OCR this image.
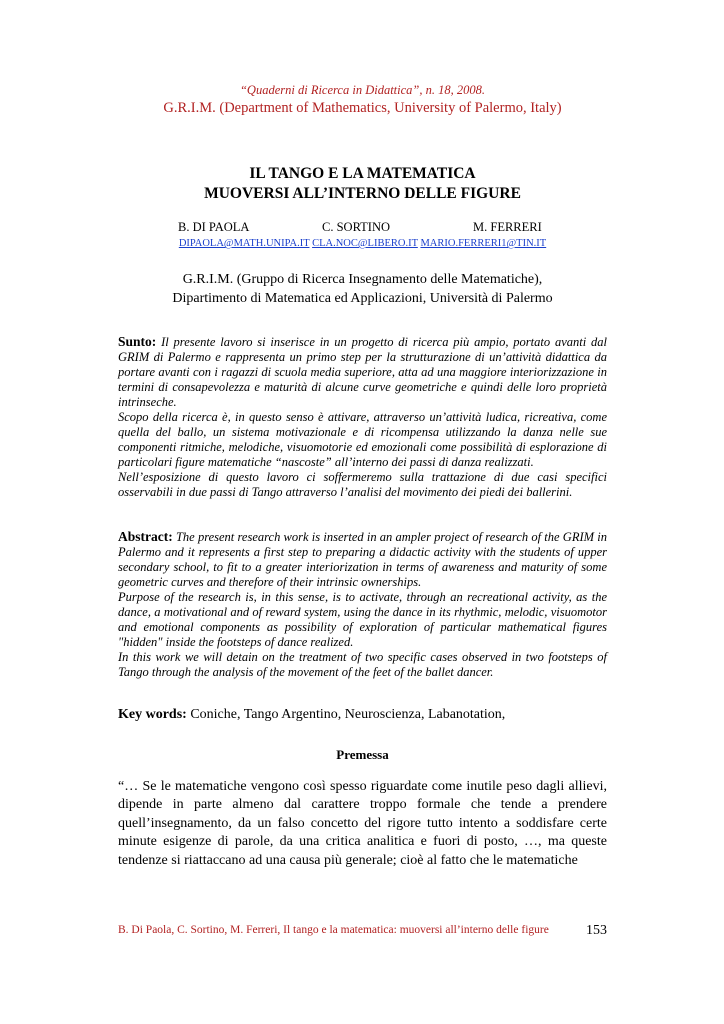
“Quaderni di Ricerca in Didattica”, n. 18, 2008.
G.R.I.M. (Department of Mathematics, University of Palermo, Italy)
IL TANGO E LA MATEMATICA
MUOVERSI ALL’INTERNO DELLE FIGURE
B. DI PAOLA	C. SORTINO	M. FERRERI
DIPAOLA@MATH.UNIPA.IT CLA.NOC@LIBERO.IT MARIO.FERRERI1@TIN.IT
G.R.I.M. (Gruppo di Ricerca Insegnamento delle Matematiche),
Dipartimento di Matematica ed Applicazioni, Università di Palermo

Sunto: Il presente lavoro si inserisce in un progetto di ricerca più ampio, portato avanti dal GRIM di Palermo e rappresenta un primo step per la strutturazione di un’attività didattica da portare avanti con i ragazzi di scuola media superiore, atta ad una maggiore interiorizzazione in termini di consapevolezza e maturità di alcune curve geometriche e quindi delle loro proprietà intrinseche.

Scopo della ricerca è, in questo senso è attivare, attraverso un’attività ludica, ricreativa, come quella del ballo, un sistema motivazionale e di ricompensa utilizzando la danza nelle sue componenti ritmiche, melodiche, visuomotorie ed emozionali come possibilità di esplorazione di particolari figure matematiche “nascoste” all’interno dei passi di danza realizzati.

Nell’esposizione di questo lavoro ci soffermeremo sulla trattazione di due casi specifici osservabili in due passi di Tango attraverso l’analisi del movimento dei piedi dei ballerini.

Abstract: The present research work is inserted in an ampler project of research of the GRIM in Palermo and it represents a first step to preparing a didactic activity with the students of upper secondary school, to fit to a greater interiorization in terms of awareness and maturity of some geometric curves and therefore of their intrinsic ownerships.

Purpose of the research is, in this sense, is to activate, through an recreational activity, as the dance, a motivational and of reward system, using the dance in its rhythmic, melodic, visuomotor and emotional components as possibility of exploration of particular mathematical figures "hidden" inside the footsteps of dance realized.

In this work we will detain on the treatment of two specific cases observed in two footsteps of Tango through the analysis of the movement of the feet of the ballet dancer.

Key words: Coniche, Tango Argentino, Neuroscienza, Labanotation,
Premessa
“… Se le matematiche vengono così spesso riguardate come inutile peso dagli allievi, dipende in parte almeno dal carattere troppo formale che tende a prendere quell’insegnamento, da un falso concetto del rigore tutto intento a soddisfare certe minute esigenze di parole, da una critica analitica e fuori di posto, …, ma queste tendenze si riattaccano ad una causa più generale; cioè al fatto che le matematiche
B. Di Paola, C. Sortino, M. Ferreri, Il tango e la matematica: muoversi all’interno delle figure	153
